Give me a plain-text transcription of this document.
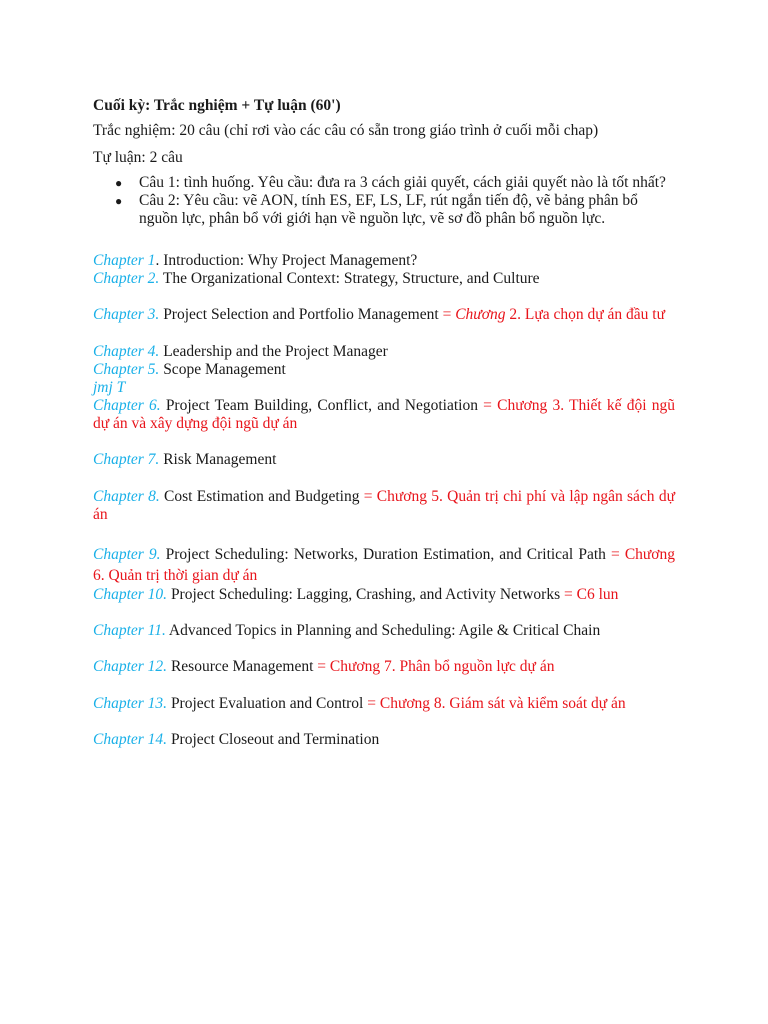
Cuối kỳ: Trắc nghiệm + Tự luận (60')

Trắc nghiệm: 20 câu (chỉ rơi vào các câu có sẵn trong giáo trình ở cuối mỗi chap)

Tự luận: 2 câu

● Câu 1: tình huống. Yêu cầu: đưa ra 3 cách giải quyết, cách giải quyết nào là tốt nhất?
● Câu 2: Yêu cầu: vẽ AON, tính ES, EF, LS, LF, rút ngắn tiến độ, vẽ bảng phân bổ nguồn lực, phân bổ với giới hạn về nguồn lực, vẽ sơ đồ phân bổ nguồn lực.

Chapter 1. Introduction: Why Project Management?

Chapter 2. The Organizational Context: Strategy, Structure, and Culture

Chapter 3. Project Selection and Portfolio Management = Chương 2. Lựa chọn dự án đầu tư

Chapter 4. Leadership and the Project Manager

Chapter 5. Scope Management

jmj T

Chapter 6. Project Team Building, Conflict, and Negotiation = Chương 3. Thiết kế đội ngũ dự án và xây dựng đội ngũ dự án

Chapter 7. Risk Management

Chapter 8. Cost Estimation and Budgeting = Chương 5. Quản trị chi phí và lập ngân sách dự án

Chapter 9. Project Scheduling: Networks, Duration Estimation, and Critical Path = Chương 6. Quản trị thời gian dự án

Chapter 10. Project Scheduling: Lagging, Crashing, and Activity Networks = C6 lun

Chapter 11. Advanced Topics in Planning and Scheduling: Agile & Critical Chain

Chapter 12. Resource Management = Chương 7. Phân bổ nguồn lực dự án

Chapter 13. Project Evaluation and Control = Chương 8. Giám sát và kiểm soát dự án

Chapter 14. Project Closeout and Termination
